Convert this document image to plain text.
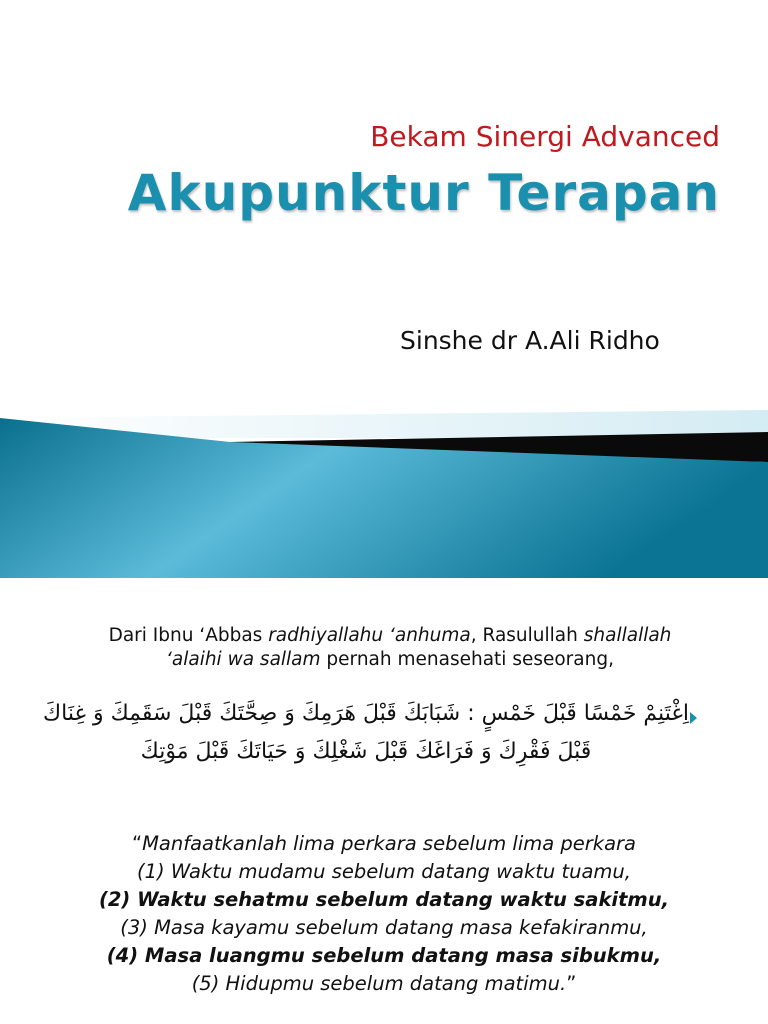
Bekam Sinergi Advanced
Akupunktur Terapan
Sinshe dr A.Ali Ridho
Dari Ibnu ‘Abbas radhiyallahu ‘anhuma, Rasulullah shallallah
‘alaihi wa sallam pernah menasehati seseorang,
اِغْتَنِمْ خَمْسًا قَبْلَ خَمْسٍ : شَبَابَكَ قَبْلَ هَرَمِكَ وَ صِحَّتَكَ قَبْلَ سَقَمِكَ وَ غِنَاكَ قَبْلَ فَقْرِكَ وَ فَرَاغَكَ قَبْلَ شَغْلِكَ وَ حَيَاتَكَ قَبْلَ مَوْتِكَ
“Manfaatkanlah lima perkara sebelum lima perkara
(1) Waktu mudamu sebelum datang waktu tuamu,
(2) Waktu sehatmu sebelum datang waktu sakitmu,
(3) Masa kayamu sebelum datang masa kefakiranmu,
(4) Masa luangmu sebelum datang masa sibukmu,
(5) Hidupmu sebelum datang matimu.”
